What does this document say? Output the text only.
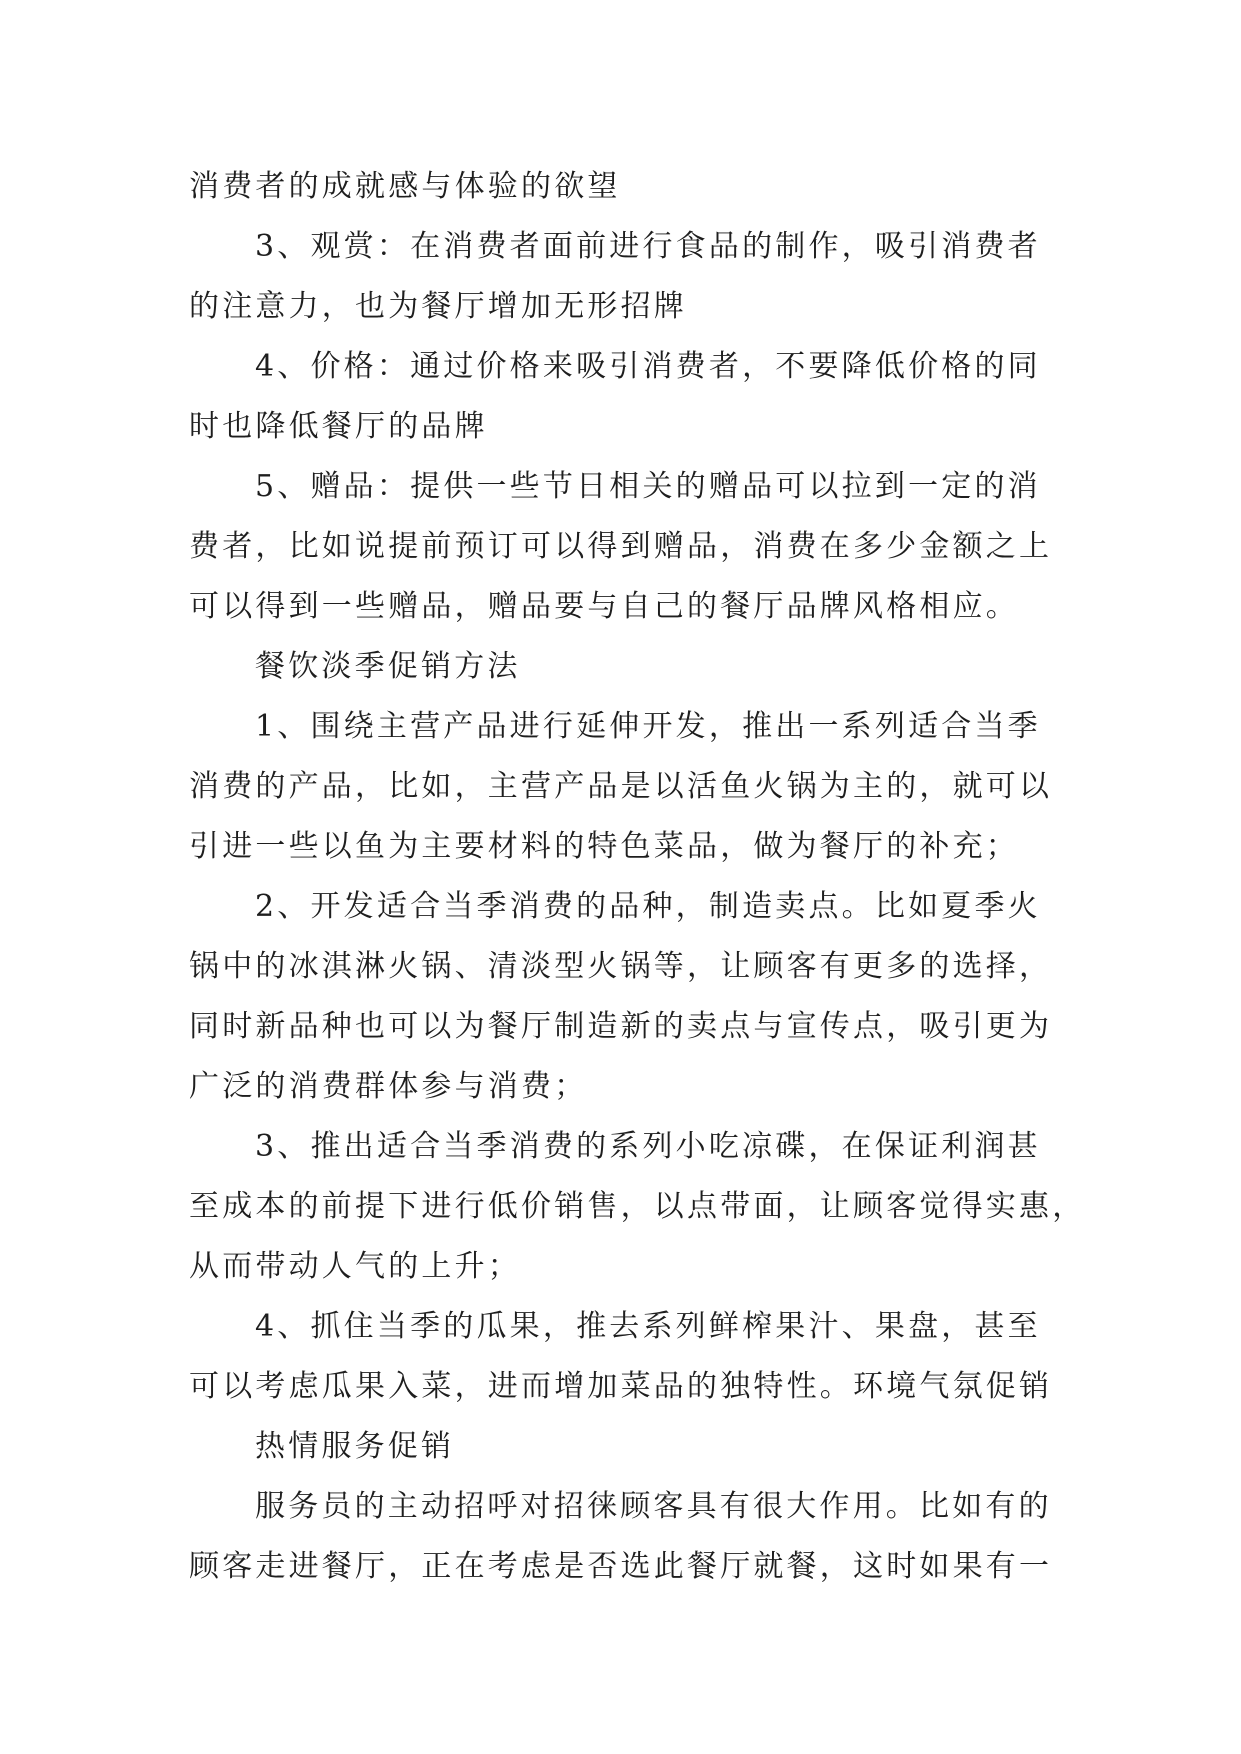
消费者的成就感与体验的欲望
3、观赏：在消费者面前进行食品的制作，吸引消费者
的注意力，也为餐厅增加无形招牌
4、价格：通过价格来吸引消费者，不要降低价格的同
时也降低餐厅的品牌
5、赠品：提供一些节日相关的赠品可以拉到一定的消
费者，比如说提前预订可以得到赠品，消费在多少金额之上
可以得到一些赠品，赠品要与自己的餐厅品牌风格相应。
餐饮淡季促销方法
1、围绕主营产品进行延伸开发，推出一系列适合当季
消费的产品，比如，主营产品是以活鱼火锅为主的，就可以
引进一些以鱼为主要材料的特色菜品，做为餐厅的补充；
2、开发适合当季消费的品种，制造卖点。比如夏季火
锅中的冰淇淋火锅、清淡型火锅等，让顾客有更多的选择，
同时新品种也可以为餐厅制造新的卖点与宣传点，吸引更为
广泛的消费群体参与消费；
3、推出适合当季消费的系列小吃凉碟，在保证利润甚
至成本的前提下进行低价销售，以点带面，让顾客觉得实惠，
从而带动人气的上升；
4、抓住当季的瓜果，推去系列鲜榨果汁、果盘，甚至
可以考虑瓜果入菜，进而增加菜品的独特性。环境气氛促销
热情服务促销
服务员的主动招呼对招徕顾客具有很大作用。比如有的
顾客走进餐厅，正在考虑是否选此餐厅就餐，这时如果有一
